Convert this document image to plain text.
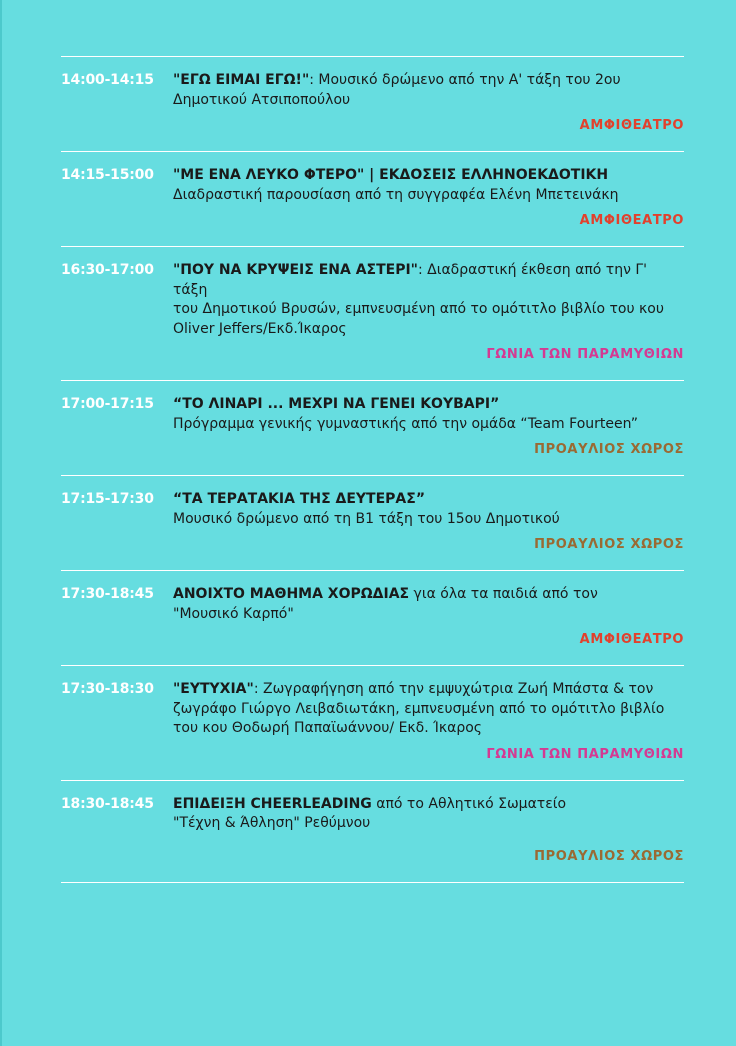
14:00-14:15	"ΕΓΩ ΕΙΜΑΙ ΕΓΩ!": Μουσικό δρώμενο από την Α' τάξη του 2ου
Δημοτικού Ατσιποπούλου
ΑΜΦΙΘΕΑΤΡΟ
14:15-15:00	"ΜΕ ΕΝΑ ΛΕΥΚΟ ΦΤΕΡΟ" | ΕΚΔΟΣΕΙΣ ΕΛΛΗΝΟΕΚΔΟΤΙΚΗ
Διαδραστική παρουσίαση από τη συγγραφέα Ελένη Μπετεινάκη
ΑΜΦΙΘΕΑΤΡΟ
16:30-17:00	"ΠΟΥ ΝΑ ΚΡΥΨΕΙΣ ΕΝΑ ΑΣΤΕΡΙ": Διαδραστική έκθεση από την Γ' τάξη
του Δημοτικού Βρυσών, εμπνευσμένη από το ομότιτλο βιβλίο του κου
Oliver Jeffers/Εκδ.Ίκαρος
ΓΩΝΙΑ ΤΩΝ ΠΑΡΑΜΥΘΙΩΝ
17:00-17:15	“ΤΟ ΛΙΝΑΡΙ ... ΜΕΧΡΙ ΝΑ ΓΕΝΕΙ ΚΟΥΒΑΡΙ”
Πρόγραμμα γενικής γυμναστικής από την ομάδα “Team Fourteen”
ΠΡΟΑΥΛΙΟΣ ΧΩΡΟΣ
17:15-17:30	“ΤΑ ΤΕΡΑΤΑΚΙΑ ΤΗΣ ΔΕΥΤΕΡΑΣ”
Μουσικό δρώμενο από τη Β1 τάξη του 15ου Δημοτικού
ΠΡΟΑΥΛΙΟΣ ΧΩΡΟΣ
17:30-18:45	ΑΝΟΙΧΤΟ ΜΑΘΗΜΑ ΧΟΡΩΔΙΑΣ για όλα τα παιδιά από τον
"Μουσικό Καρπό"
ΑΜΦΙΘΕΑΤΡΟ
17:30-18:30	"ΕΥΤΥΧΙΑ": Ζωγραφήγηση από την εμψυχώτρια Ζωή Μπάστα & τον
ζωγράφο Γιώργο Λειβαδιωτάκη, εμπνευσμένη από το ομότιτλο βιβλίο
του κου Θοδωρή Παπαϊωάννου/ Εκδ. Ίκαρος
ΓΩΝΙΑ ΤΩΝ ΠΑΡΑΜΥΘΙΩΝ
18:30-18:45	ΕΠΙΔΕΙΞΗ CHEERLEADING από το Αθλητικό Σωματείο
"Τέχνη & Άθληση" Ρεθύμνου
ΠΡΟΑΥΛΙΟΣ ΧΩΡΟΣ
